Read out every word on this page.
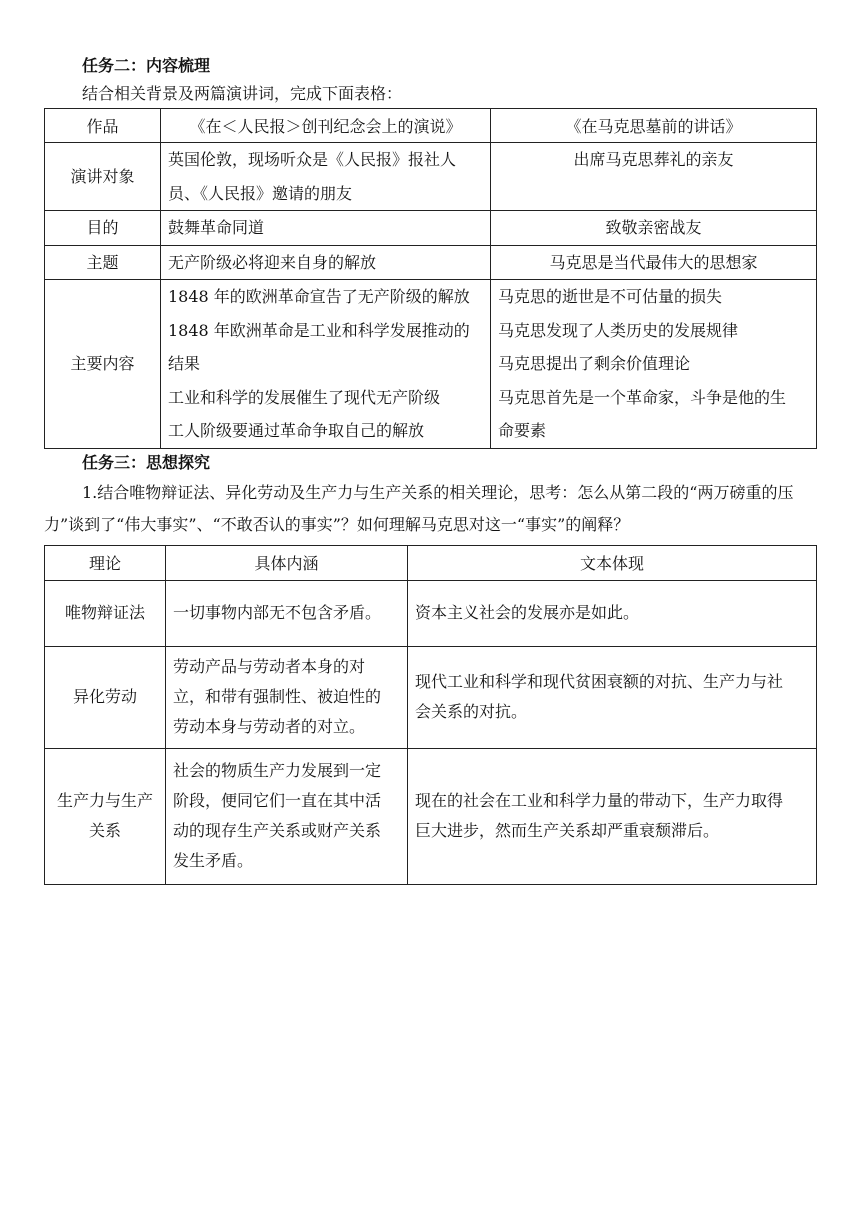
任务二：内容梳理
结合相关背景及两篇演讲词，完成下面表格：
作品	《在＜人民报＞创刊纪念会上的演说》	《在马克思墓前的讲话》
演讲对象	英国伦敦，现场听众是《人民报》报社人
员、《人民报》邀请的朋友	出席马克思葬礼的亲友

目的	鼓舞革命同道	致敬亲密战友

主题	无产阶级必将迎来自身的解放	马克思是当代最伟大的思想家

主要内容	1848 年的欧洲革命宣告了无产阶级的解放
1848 年欧洲革命是工业和科学发展推动的
结果
工业和科学的发展催生了现代无产阶级
工人阶级要通过革命争取自己的解放	马克思的逝世是不可估量的损失
马克思发现了人类历史的发展规律
马克思提出了剩余价值理论
马克思首先是一个革命家，斗争是他的生
命要素
任务三：思想探究
1.结合唯物辩证法、异化劳动及生产力与生产关系的相关理论，思考：怎么从第二段的“两万磅重的压力”谈到了“伟大事实”、“不敢否认的事实”？如何理解马克思对这一“事实”的阐释？
理论	具体内涵	文本体现

唯物辩证法	一切事物内部无不包含矛盾。	资本主义社会的发展亦是如此。

异化劳动	劳动产品与劳动者本身的对
立，和带有强制性、被迫性的
劳动本身与劳动者的对立。	现代工业和科学和现代贫困衰额的对抗、生产力与社
会关系的对抗。

生产力与生产
关系	社会的物质生产力发展到一定
阶段，便同它们一直在其中活
动的现存生产关系或财产关系
发生矛盾。	现在的社会在工业和科学力量的带动下，生产力取得
巨大进步，然而生产关系却严重衰颓滞后。
